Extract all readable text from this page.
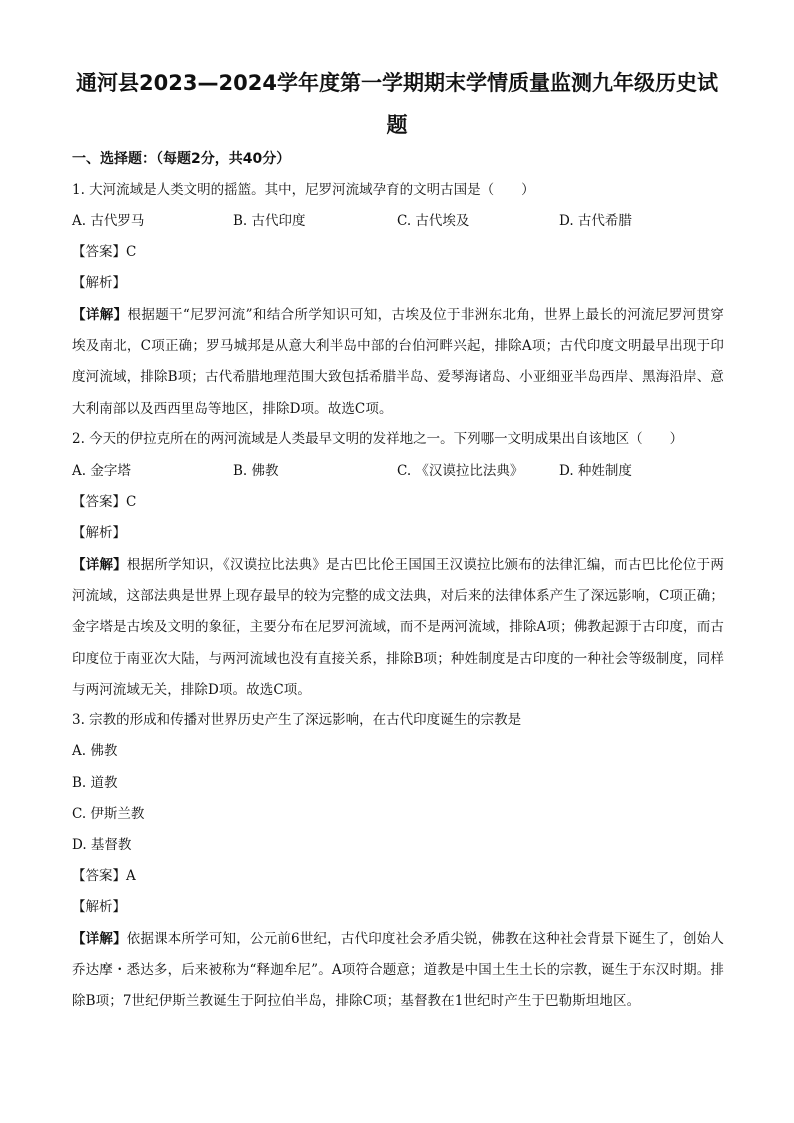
通河县2023—2024学年度第一学期期末学情质量监测九年级历史试
题
一、选择题：（每题2分，共40分）
1. 大河流域是人类文明的摇篮。其中，尼罗河流域孕育的文明古国是（　　）
A. 古代罗马	B. 古代印度	C. 古代埃及	D. 古代希腊
【答案】C
【解析】
【详解】根据题干“尼罗河流”和结合所学知识可知，古埃及位于非洲东北角，世界上最长的河流尼罗河贯穿埃及南北，C项正确；罗马城邦是从意大利半岛中部的台伯河畔兴起，排除A项；古代印度文明最早出现于印度河流域，排除B项；古代希腊地理范围大致包括希腊半岛、爱琴海诸岛、小亚细亚半岛西岸、黑海沿岸、意大利南部以及西西里岛等地区，排除D项。故选C项。
2. 今天的伊拉克所在的两河流域是人类最早文明的发祥地之一。下列哪一文明成果出自该地区（　　）
A. 金字塔	B. 佛教	C. 《汉谟拉比法典》	D. 种姓制度
【答案】C
【解析】
【详解】根据所学知识，《汉谟拉比法典》是古巴比伦王国国王汉谟拉比颁布的法律汇编，而古巴比伦位于两河流域，这部法典是世界上现存最早的较为完整的成文法典，对后来的法律体系产生了深远影响，C项正确；金字塔是古埃及文明的象征，主要分布在尼罗河流域，而不是两河流域，排除A项；佛教起源于古印度，而古印度位于南亚次大陆，与两河流域也没有直接关系，排除B项；种姓制度是古印度的一种社会等级制度，同样与两河流域无关，排除D项。故选C项。
3. 宗教的形成和传播对世界历史产生了深远影响，在古代印度诞生的宗教是
A. 佛教
B. 道教
C. 伊斯兰教
D. 基督教
【答案】A
【解析】
【详解】依据课本所学可知，公元前6世纪，古代印度社会矛盾尖锐，佛教在这种社会背景下诞生了，创始人乔达摩・悉达多，后来被称为“释迦牟尼”。A项符合题意；道教是中国土生土长的宗教，诞生于东汉时期。排除B项；7世纪伊斯兰教诞生于阿拉伯半岛，排除C项；基督教在1世纪时产生于巴勒斯坦地区。
